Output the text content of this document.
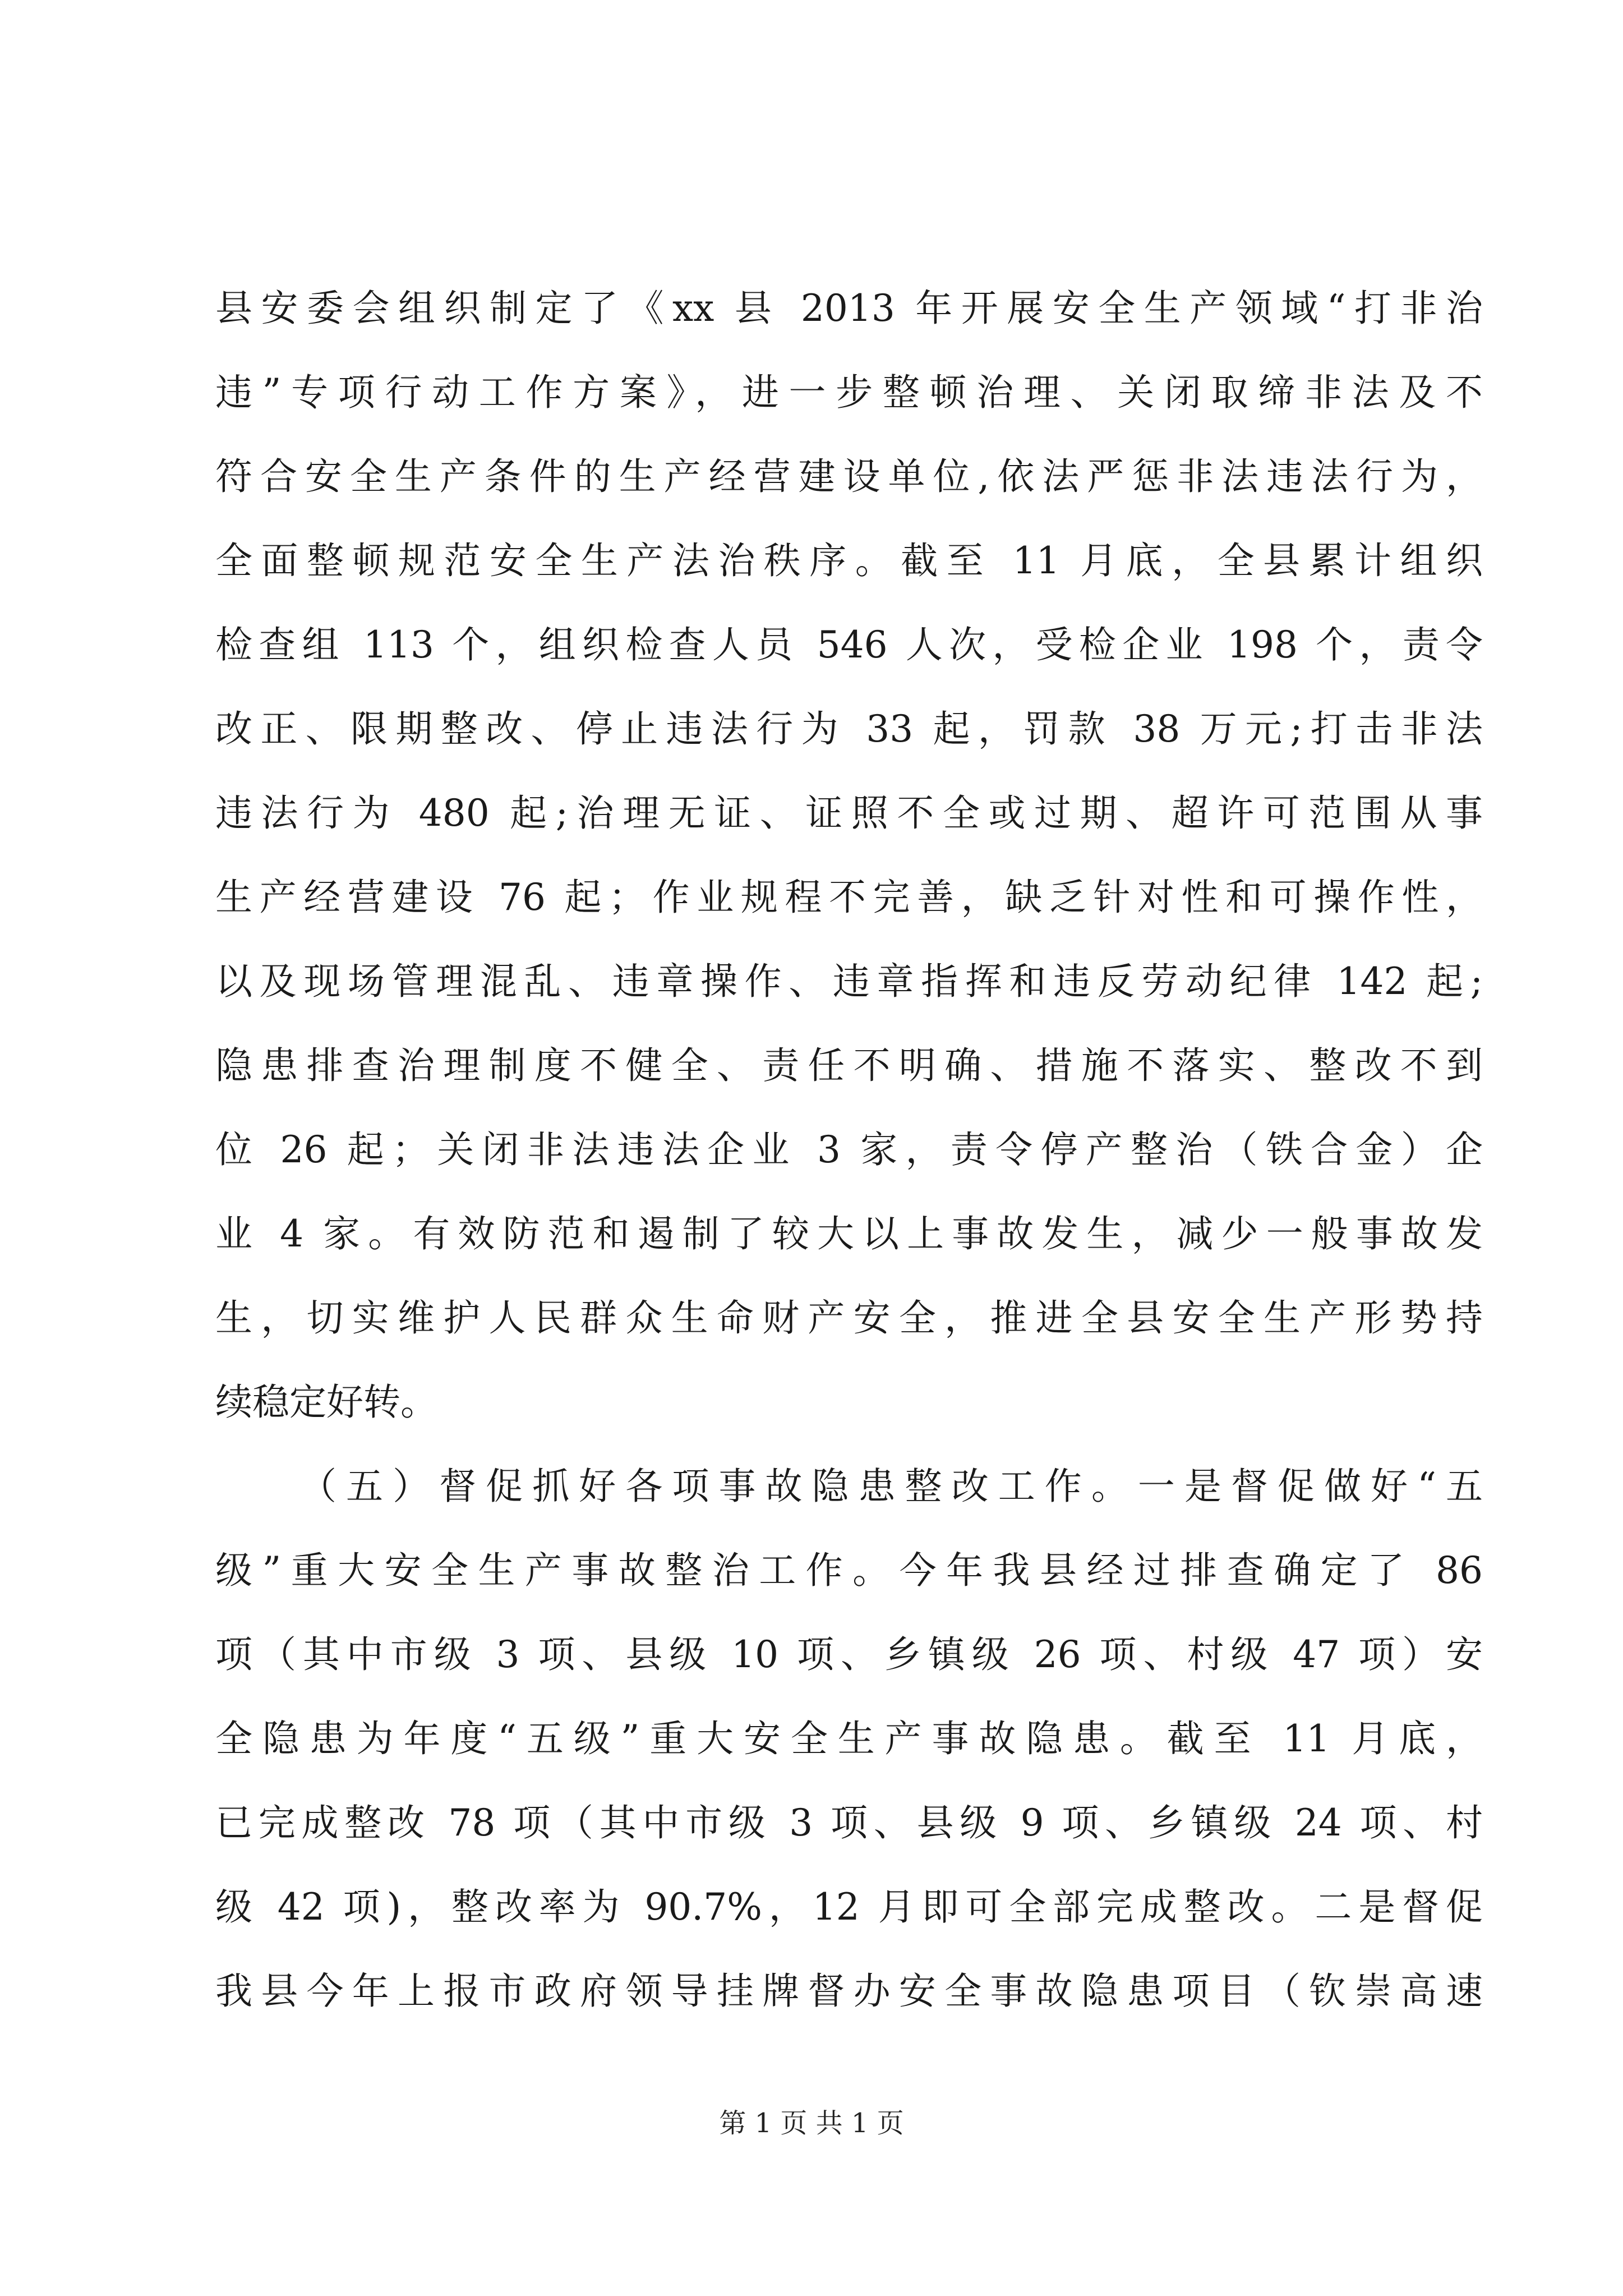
县安委会组织制定了《xx 县 2013 年开展安全生产领域“打非治
违”专项行动工作方案》，进一步整顿治理、关闭取缔非法及不
符合安全生产条件的生产经营建设单位,依法严惩非法违法行为，
全面整顿规范安全生产法治秩序。截至 11 月底，全县累计组织
检查组 113 个，组织检查人员 546 人次，受检企业 198 个，责令
改正、限期整改、停止违法行为 33 起，罚款 38 万元;打击非法
违法行为 480 起;治理无证、证照不全或过期、超许可范围从事
生产经营建设 76 起；作业规程不完善，缺乏针对性和可操作性，
以及现场管理混乱、违章操作、违章指挥和违反劳动纪律 142 起;
隐患排查治理制度不健全、责任不明确、措施不落实、整改不到
位 26 起；关闭非法违法企业 3 家，责令停产整治（铁合金）企
业 4 家。有效防范和遏制了较大以上事故发生，减少一般事故发
生，切实维护人民群众生命财产安全，推进全县安全生产形势持
续稳定好转。
（五）督促抓好各项事故隐患整改工作。一是督促做好“五
级”重大安全生产事故整治工作。今年我县经过排查确定了 86
项（其中市级 3 项、县级 10 项、乡镇级 26 项、村级 47 项）安
全隐患为年度“五级”重大安全生产事故隐患。截至 11 月底，
已完成整改 78 项（其中市级 3 项、县级 9 项、乡镇级 24 项、村
级 42 项)，整改率为 90.7%，12 月即可全部完成整改。二是督促
我县今年上报市政府领导挂牌督办安全事故隐患项目（钦崇高速
第 1 页 共 1 页
